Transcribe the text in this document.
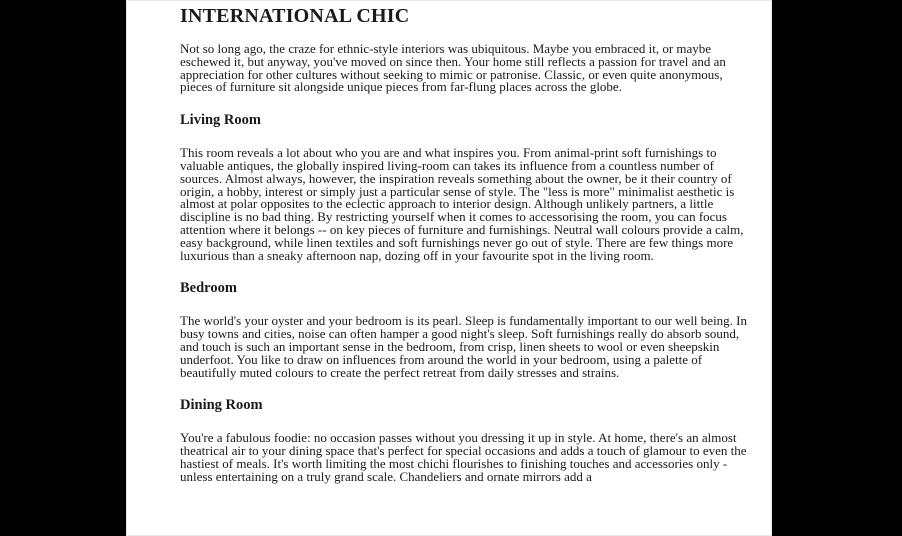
INTERNATIONAL CHIC

Not so long ago, the craze for ethnic-style interiors was ubiquitous. Maybe you embraced it, or maybe eschewed it, but anyway, you've moved on since then. Your home still reflects a passion for travel and an appreciation for other cultures without seeking to mimic or patronise. Classic, or even quite anonymous, pieces of furniture sit alongside unique pieces from far-flung places across the globe.

Living Room

This room reveals a lot about who you are and what inspires you. From animal-print soft furnishings to valuable antiques, the globally inspired living-room can takes its influence from a countless number of sources. Almost always, however, the inspiration reveals something about the owner, be it their country of origin, a hobby, interest or simply just a particular sense of style. The "less is more" minimalist aesthetic is almost at polar opposites to the eclectic approach to interior design. Although unlikely partners, a little discipline is no bad thing. By restricting yourself when it comes to accessorising the room, you can focus attention where it belongs -- on key pieces of furniture and furnishings. Neutral wall colours provide a calm, easy background, while linen textiles and soft furnishings never go out of style. There are few things more luxurious than a sneaky afternoon nap, dozing off in your favourite spot in the living room.

Bedroom

The world's your oyster and your bedroom is its pearl. Sleep is fundamentally important to our well being. In busy towns and cities, noise can often hamper a good night's sleep. Soft furnishings really do absorb sound, and touch is such an important sense in the bedroom, from crisp, linen sheets to wool or even sheepskin underfoot. You like to draw on influences from around the world in your bedroom, using a palette of beautifully muted colours to create the perfect retreat from daily stresses and strains.

Dining Room

You're a fabulous foodie: no occasion passes without you dressing it up in style. At home, there's an almost theatrical air to your dining space that's perfect for special occasions and adds a touch of glamour to even the hastiest of meals. It's worth limiting the most chichi flourishes to finishing touches and accessories only - unless entertaining on a truly grand scale. Chandeliers and ornate mirrors add a
